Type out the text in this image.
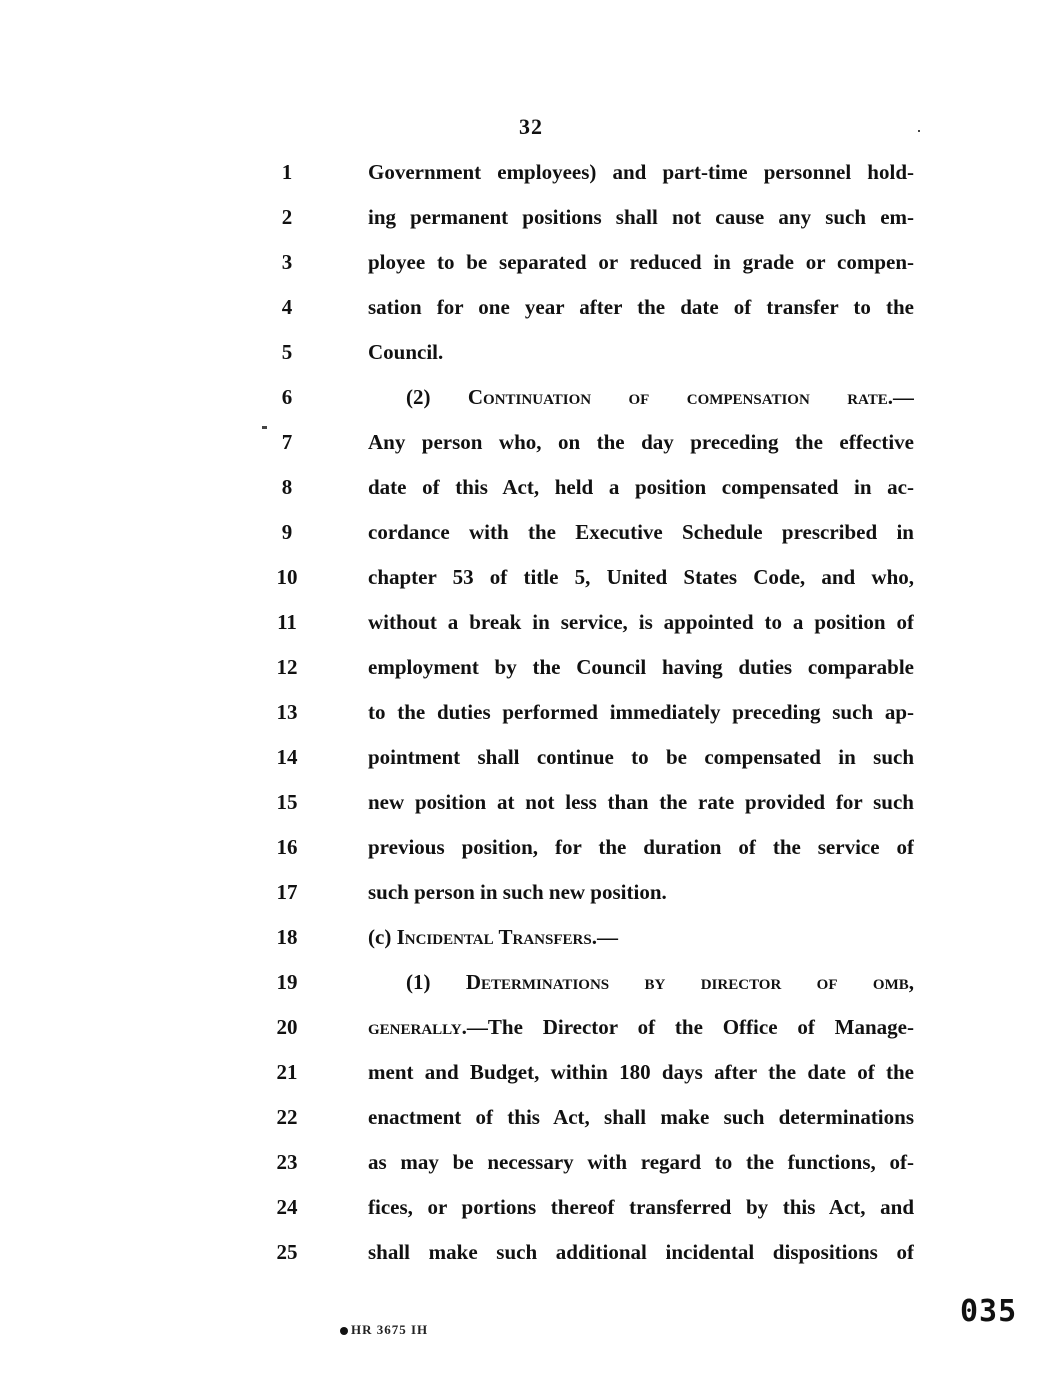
32
1	Government employees) and part-time personnel hold-
2	ing permanent positions shall not cause any such em-
3	ployee to be separated or reduced in grade or compen-
4	sation for one year after the date of transfer to the
5	Council.
6	(2) Continuation of compensation rate.—
7	Any person who, on the day preceding the effective
8	date of this Act, held a position compensated in ac-
9	cordance with the Executive Schedule prescribed in
10	chapter 53 of title 5, United States Code, and who,
11	without a break in service, is appointed to a position of
12	employment by the Council having duties comparable
13	to the duties performed immediately preceding such ap-
14	pointment shall continue to be compensated in such
15	new position at not less than the rate provided for such
16	previous position, for the duration of the service of
17	such person in such new position.
18	(c) Incidental Transfers.—
19	(1) Determinations by director of omb,
20	generally.—The Director of the Office of Manage-
21	ment and Budget, within 180 days after the date of the
22	enactment of this Act, shall make such determinations
23	as may be necessary with regard to the functions, of-
24	fices, or portions thereof transferred by this Act, and
25	shall make such additional incidental dispositions of
HR 3675 IH
035
